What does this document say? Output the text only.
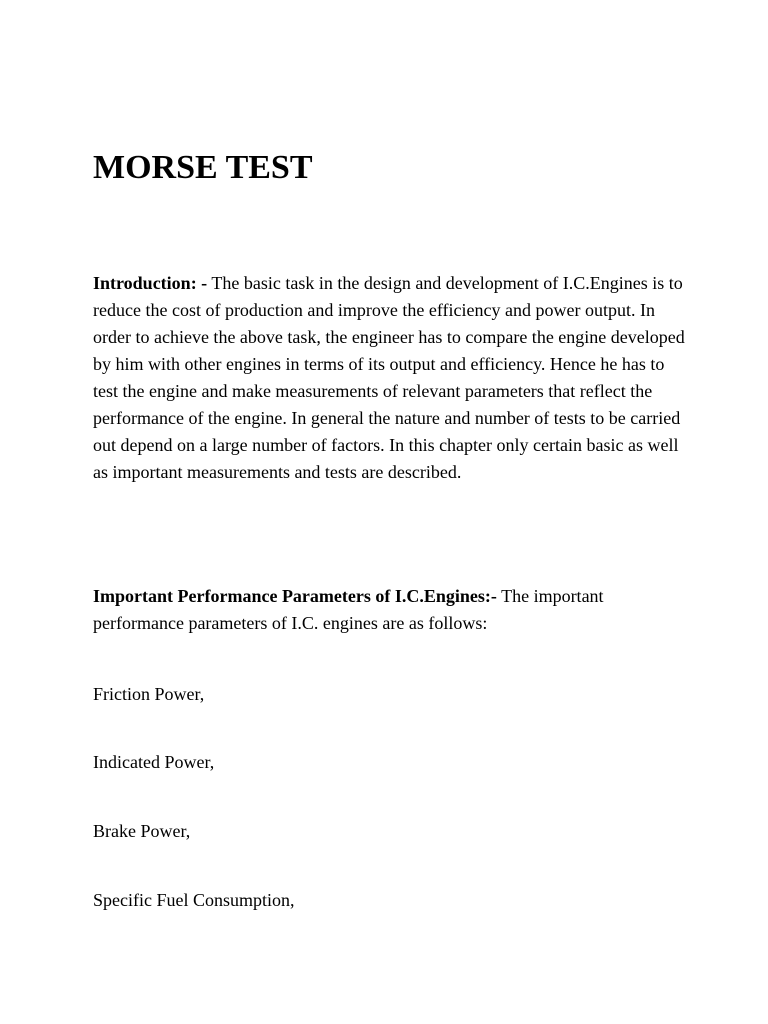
MORSE TEST

Introduction: - The basic task in the design and development of I.C.Engines is to reduce the cost of production and improve the efficiency and power output. In order to achieve the above task, the engineer has to compare the engine developed by him with other engines in terms of its output and efficiency. Hence he has to test the engine and make measurements of relevant parameters that reflect the performance of the engine. In general the nature and number of tests to be carried out depend on a large number of factors. In this chapter only certain basic as well as important measurements and tests are described.

Important Performance Parameters of I.C.Engines:- The important performance parameters of I.C. engines are as follows:

Friction Power,

Indicated Power,

Brake Power,

Specific Fuel Consumption,
